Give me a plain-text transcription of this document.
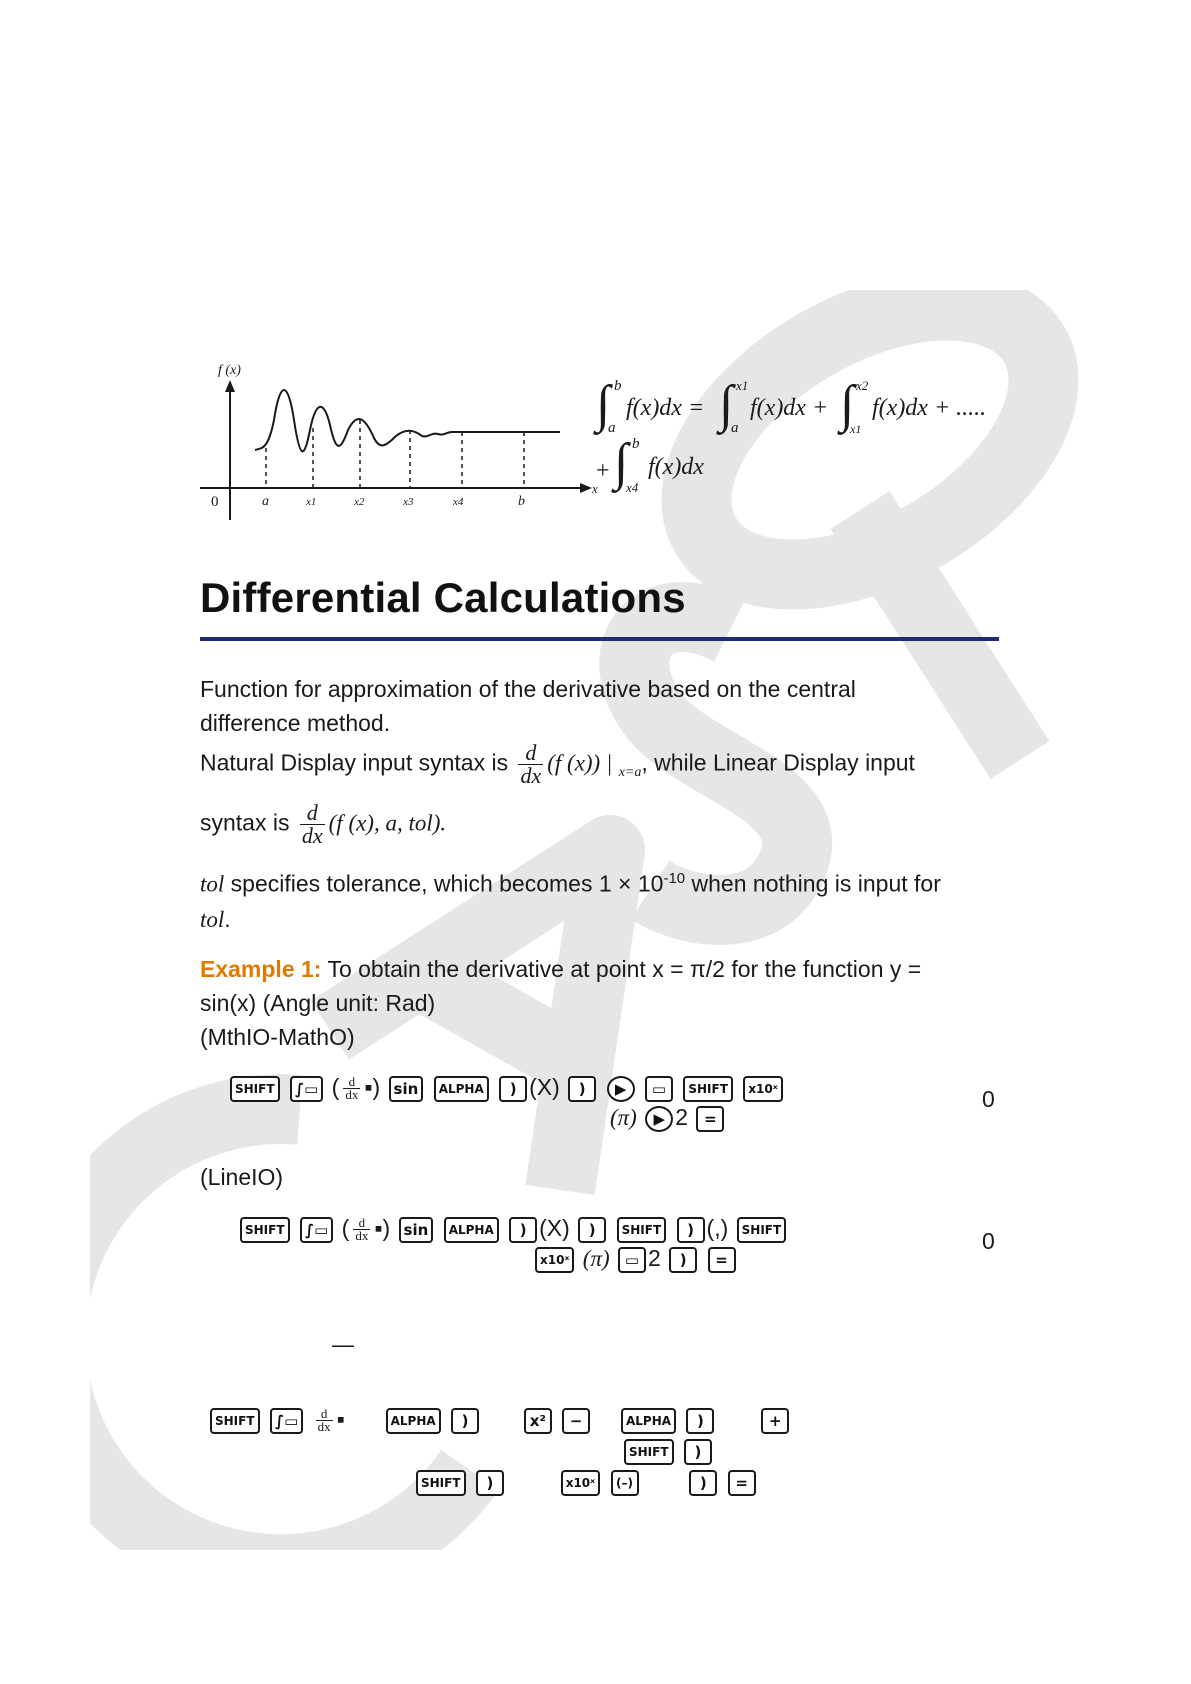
f (x)
x
0	a	x1	x2	x3	x4	b
∫ b
a
f(x)dx = ∫ x1
a
f(x)dx + ∫ x2
x1
f(x)dx + .....
+ ∫ b
x4
f(x)dx
Differential Calculations
Function for approximation of the derivative based on the central
difference method.
Natural Display input syntax is $\frac{d}{dx} (f$ (x)) | $_{x=a}$, while Linear Display input
syntax is $\frac{d}{dx} (f$ (x), a, tol).
tol specifies tolerance, which becomes $1 \times 10^{-10}$ when nothing is input for
tol.
Example 1: To obtain the derivative at point x = π/2 for the function y =
sin(x) (Angle unit: Rad)
(MthIO-MathO)
SHIFT ∫▭ ( $\frac{d}{dx}$ ▪) sin ALPHA ) (X) ) ▶ ▭ SHIFT x10ˣ
(π) ▶ 2 =
0
(LineIO)
SHIFT ∫▭ ( $\frac{d}{dx}$ ▪) sin ALPHA ) (X) ) SHIFT ) (,) SHIFT
x10ˣ (π) ▭ 2 ) =
0
—
SHIFT ∫▭ $\frac{d}{dx}$ ▪	ALPHA )	x² −	ALPHA )	+
SHIFT )
SHIFT )	x10ˣ (–)	) =
